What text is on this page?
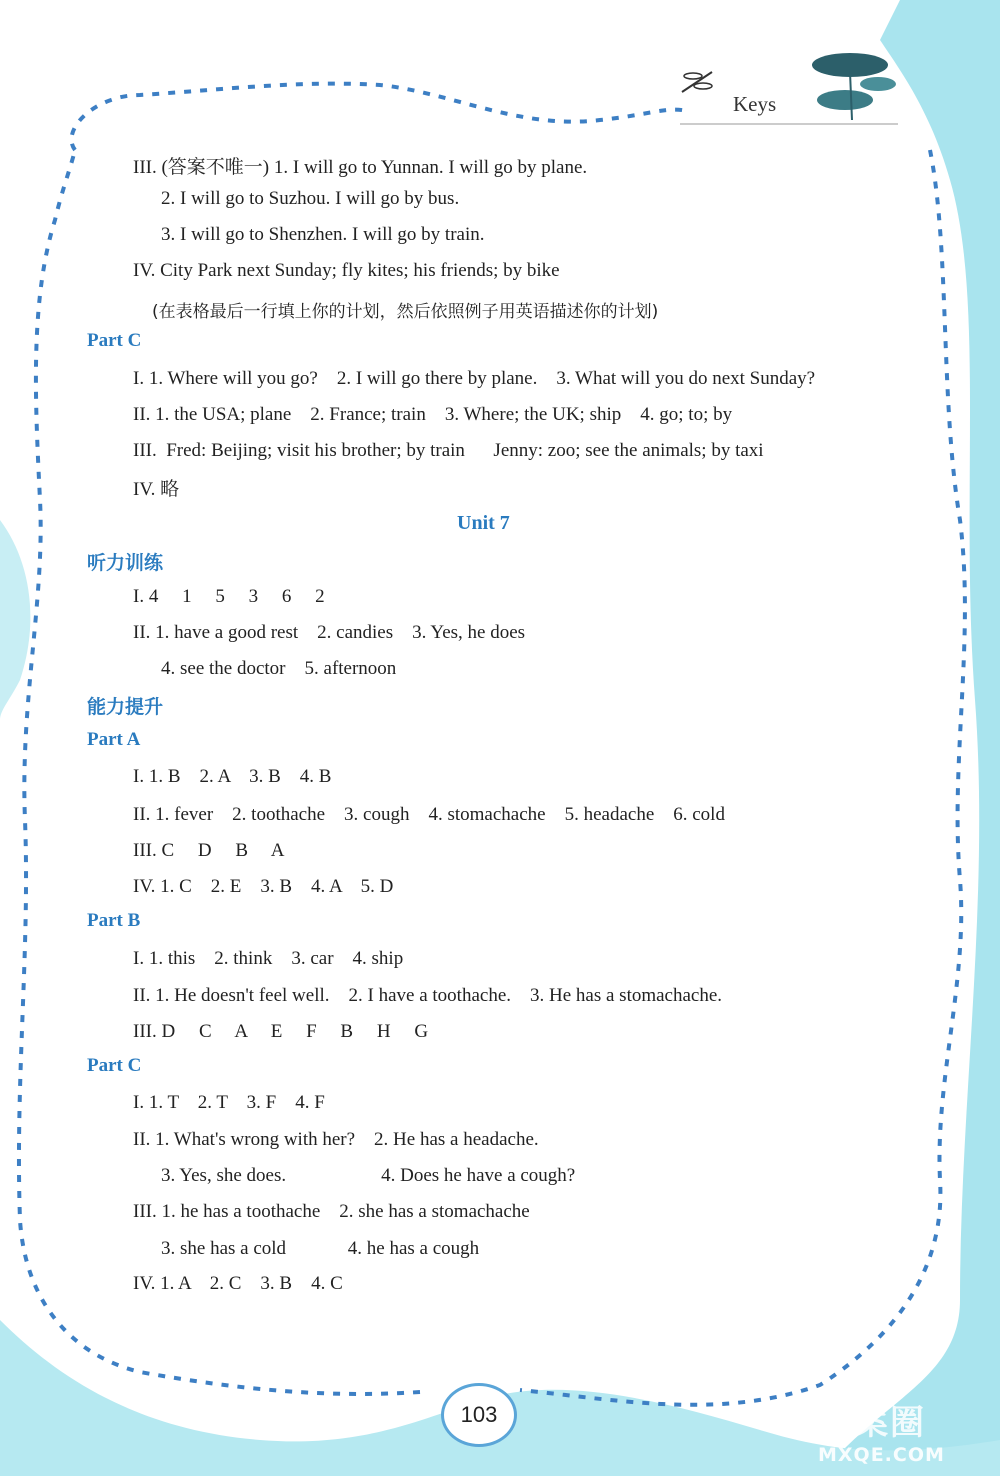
Keys
III. (答案不唯一) 1. I will go to Yunnan. I will go by plane.
2. I will go to Suzhou. I will go by bus.
3. I will go to Shenzhen. I will go by train.
IV. City Park next Sunday; fly kites; his friends; by bike
(在表格最后一行填上你的计划，然后依照例子用英语描述你的计划)
Part C
I. 1. Where will you go?    2. I will go there by plane.    3. What will you do next Sunday?
II. 1. the USA; plane    2. France; train    3. Where; the UK; ship    4. go; to; by
III.  Fred: Beijing; visit his brother; by train      Jenny: zoo; see the animals; by taxi
IV. 略
Unit 7
听力训练
I. 4     1     5     3     6     2
II. 1. have a good rest    2. candies    3. Yes, he does
4. see the doctor    5. afternoon
能力提升
Part A
I. 1. B    2. A    3. B    4. B
II. 1. fever    2. toothache    3. cough    4. stomachache    5. headache    6. cold
III. C     D     B     A
IV. 1. C    2. E    3. B    4. A    5. D
Part B
I. 1. this    2. think    3. car    4. ship
II. 1. He doesn't feel well.    2. I have a toothache.    3. He has a stomachache.
III. D     C     A     E     F     B     H     G
Part C
I. 1. T    2. T    3. F    4. F
II. 1. What's wrong with her?    2. He has a headache.
3. Yes, she does.                    4. Does he have a cough?
III. 1. he has a toothache    2. she has a stomachache
3. she has a cold             4. he has a cough
IV. 1. A    2. C    3. B    4. C
103	答案圈
MXQE.COM
